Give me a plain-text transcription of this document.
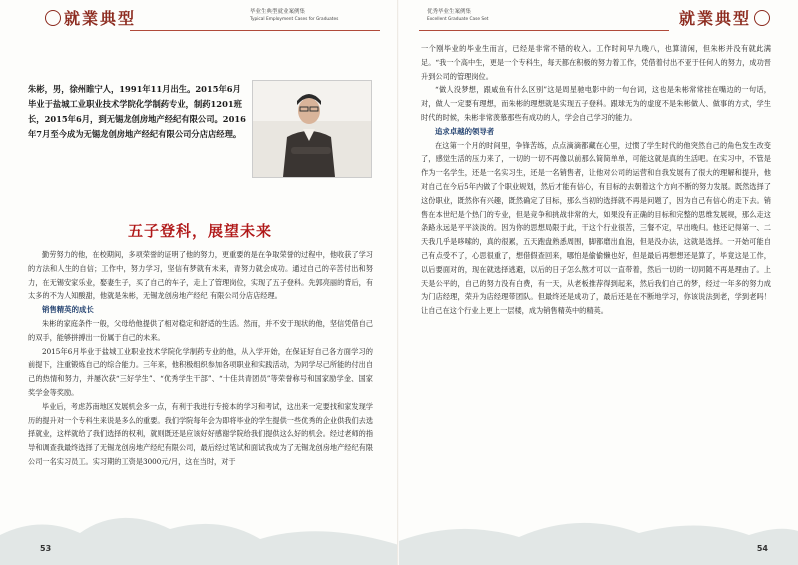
就業典型	毕业生典型就业案例集
Typical Employment Cases for Graduates
朱彬，男，徐州睢宁人，1991年11月出生。2015年6月毕业于盐城工业职业技术学院化学制药专业，制药1201班长，2015年6月，到无锡龙创房地产经纪有限公司。2016年7月至今成为无锡龙创房地产经纪有限公司分店店经理。
五子登科，展望未来

勤劳努力的他，在校期间，多项荣誉的证明了他的努力，更重要的是在争取荣誉的过程中，他收获了学习的方法和人生的自信；工作中，努力学习，坚信有梦就有未来，青努力就会成功。通过自己的辛苦付出和努力，在无锡安家乐业，娶妻生子，买了自己的车子，走上了管理岗位，实现了五子登科。先郭亮丽的背后，有太多的不为人知酸甜，他就是朱彬，无锡龙创房地产经纪 有限公司分店店经理。

销售精英的成长

朱彬的家庭条件一般，父母给他提供了相对稳定和舒适的生活。然而，并不安于现状的他，坚信凭借自己的双手，能够拼搏出一份属于自己的未来。

2015年6月毕业于盐城工业职业技术学院化学制药专业的他，从入学开始，在保证好自己各方面学习的前提下，注重锻炼自己的综合能力。三年来，他积极组织参加各项职业和实践活动，为同学尽己所能的付出自己的热情和努力，并屡次获“三好学生”、“优秀学生干部”、“十佳共青团员”等荣誉称号和国家励学金、国家奖学金等奖励。

毕业后，考虑苏南地区发展机会多一点，有利于我进行专接本的学习和考试，这出来一定要找和家发现学历的提升对一个专科生来说是多么的重要。我们学院每年会为即将毕业的学生提供一些优秀的企业供我们去选择就业，这样就给了我们选择的权利，就则既还是应该好好感谢学院给我们提供这么好的机会。经过老师的指导和调查我最终选择了无锡龙创房地产经纪有限公司，最后经过笔试和面试我成为了无锡龙创房地产经纪有限公司一名实习员工。实习期的工资是3000元/月，这在当时，对于

53
优秀毕业生案例集
Excellent Graduate Case Set	就業典型

一个刚毕业的毕业生而言，已经是非常不错的收入。工作时间早九晚八，也算清闲，但朱彬并没有就此满足。“我一个高中生，更是一个专科生，每天都在积极的努力着工作，凭借着付出不亚于任何人的努力，成功晋升到公司的管理岗位。

“做人没梦想，跟咸鱼有什么区别”这是周星驰电影中的一句台词，这也是朱彬常常挂在嘴边的一句话，对，做人一定要有理想，而朱彬的理想就是实现五子登科。跟球无为的虚度不是朱彬做人、做事的方式，学生时代的时候，朱彬非常羡慕那些有成功的人，学会自己学习的能力。

追求卓越的领导者

在这第一个月的时间里，争锋苦练，点点滴滴都藏在心里，过惯了学生时代的他突然自己的角色发生改变了，感觉生活的压力来了，一切的一切不再像以前那么简简单单，可能这就是真的生活吧。在实习中，不管是作为一名学生，还是一名实习生，还是一名销售者，让他对公司的运营和自我发展有了很大的理解和提升，他对自己在今后5年内做了个职业规划，然后才能有信心，有目标的去朝着这个方向不断的努力发展。既然选择了这份职业，既然你有兴趣，既然确定了目标，那么当初的选择就不再是问题了，因为自己有信心的走下去。销售在本世纪是个热门的专业，但是竞争和挑战非常的大，如果没有正确的目标和完整的思维发展规，那么走这条路永远是平平淡淡的。因为你的思想局限于此，干这个行业很苦，三餐不定，早出晚归。他还记得第一、二天我几乎是哆嗦的，真的很累，五天跑盘熟悉周围，脚都磨出血泡，但是没办法，这就是选择。一开始可能自己有点受不了，心思很重了，想借假查回来，哪怕是偷偷懒也好，但是最后再想想还是算了，毕竟这是工作，以后要面对的，现在就选择逃避，以后的日子怎么熬才可以一直带着，然后一切的一切同随不再是理由了。上天是公平的，自己的努力没有白费，有一天，从老板推荐得到起来，然后我们自己的梦，经过一年多的努力成为门店经理，荣升为店经理带团队。但最终还是成功了，最后还是在不断地学习，你该说法到老，学到老吗！让自己在这个行业上更上一层楼，成为销售精英中的精英。

54
